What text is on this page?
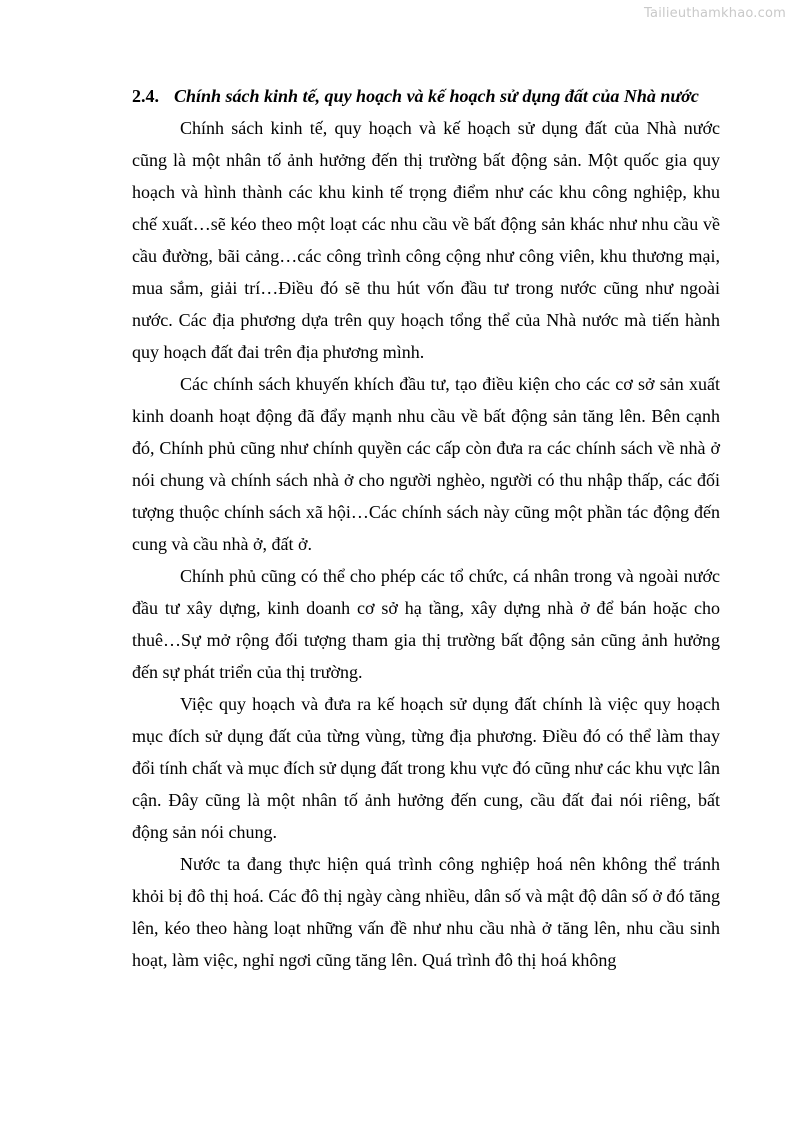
Tailieuthamkhao.com

2.4. Chính sách kinh tế, quy hoạch và kế hoạch sử dụng đất của Nhà nước

Chính sách kinh tế, quy hoạch và kế hoạch sử dụng đất của Nhà nước cũng là một nhân tố ảnh hưởng đến thị trường bất động sản. Một quốc gia quy hoạch và hình thành các khu kinh tế trọng điểm như các khu công nghiệp, khu chế xuất…sẽ kéo theo một loạt các nhu cầu về bất động sản khác như nhu cầu về cầu đường, bãi cảng…các công trình công cộng như công viên, khu thương mại, mua sắm, giải trí…Điều đó sẽ thu hút vốn đầu tư trong nước cũng như ngoài nước. Các địa phương dựa trên quy hoạch tổng thể của Nhà nước mà tiến hành quy hoạch đất đai trên địa phương mình.

Các chính sách khuyến khích đầu tư, tạo điều kiện cho các cơ sở sản xuất kinh doanh hoạt động đã đẩy mạnh nhu cầu về bất động sản tăng lên. Bên cạnh đó, Chính phủ cũng như chính quyền các cấp còn đưa ra các chính sách về nhà ở nói chung và chính sách nhà ở cho người nghèo, người có thu nhập thấp, các đối tượng thuộc chính sách xã hội…Các chính sách này cũng một phần tác động đến cung và cầu nhà ở, đất ở.

Chính phủ cũng có thể cho phép các tổ chức, cá nhân trong và ngoài nước đầu tư xây dựng, kinh doanh cơ sở hạ tầng, xây dựng nhà ở để bán hoặc cho thuê…Sự mở rộng đối tượng tham gia thị trường bất động sản cũng ảnh hưởng đến sự phát triển của thị trường.

Việc quy hoạch và đưa ra kế hoạch sử dụng đất chính là việc quy hoạch mục đích sử dụng đất của từng vùng, từng địa phương. Điều đó có thể làm thay đổi tính chất và mục đích sử dụng đất trong khu vực đó cũng như các khu vực lân cận. Đây cũng là một nhân tố ảnh hưởng đến cung, cầu đất đai nói riêng, bất động sản nói chung.

Nước ta đang thực hiện quá trình công nghiệp hoá nên không thể tránh khỏi bị đô thị hoá. Các đô thị ngày càng nhiều, dân số và mật độ dân số ở đó tăng lên, kéo theo hàng loạt những vấn đề như nhu cầu nhà ở tăng lên, nhu cầu sinh hoạt, làm việc, nghỉ ngơi cũng tăng lên. Quá trình đô thị hoá không
